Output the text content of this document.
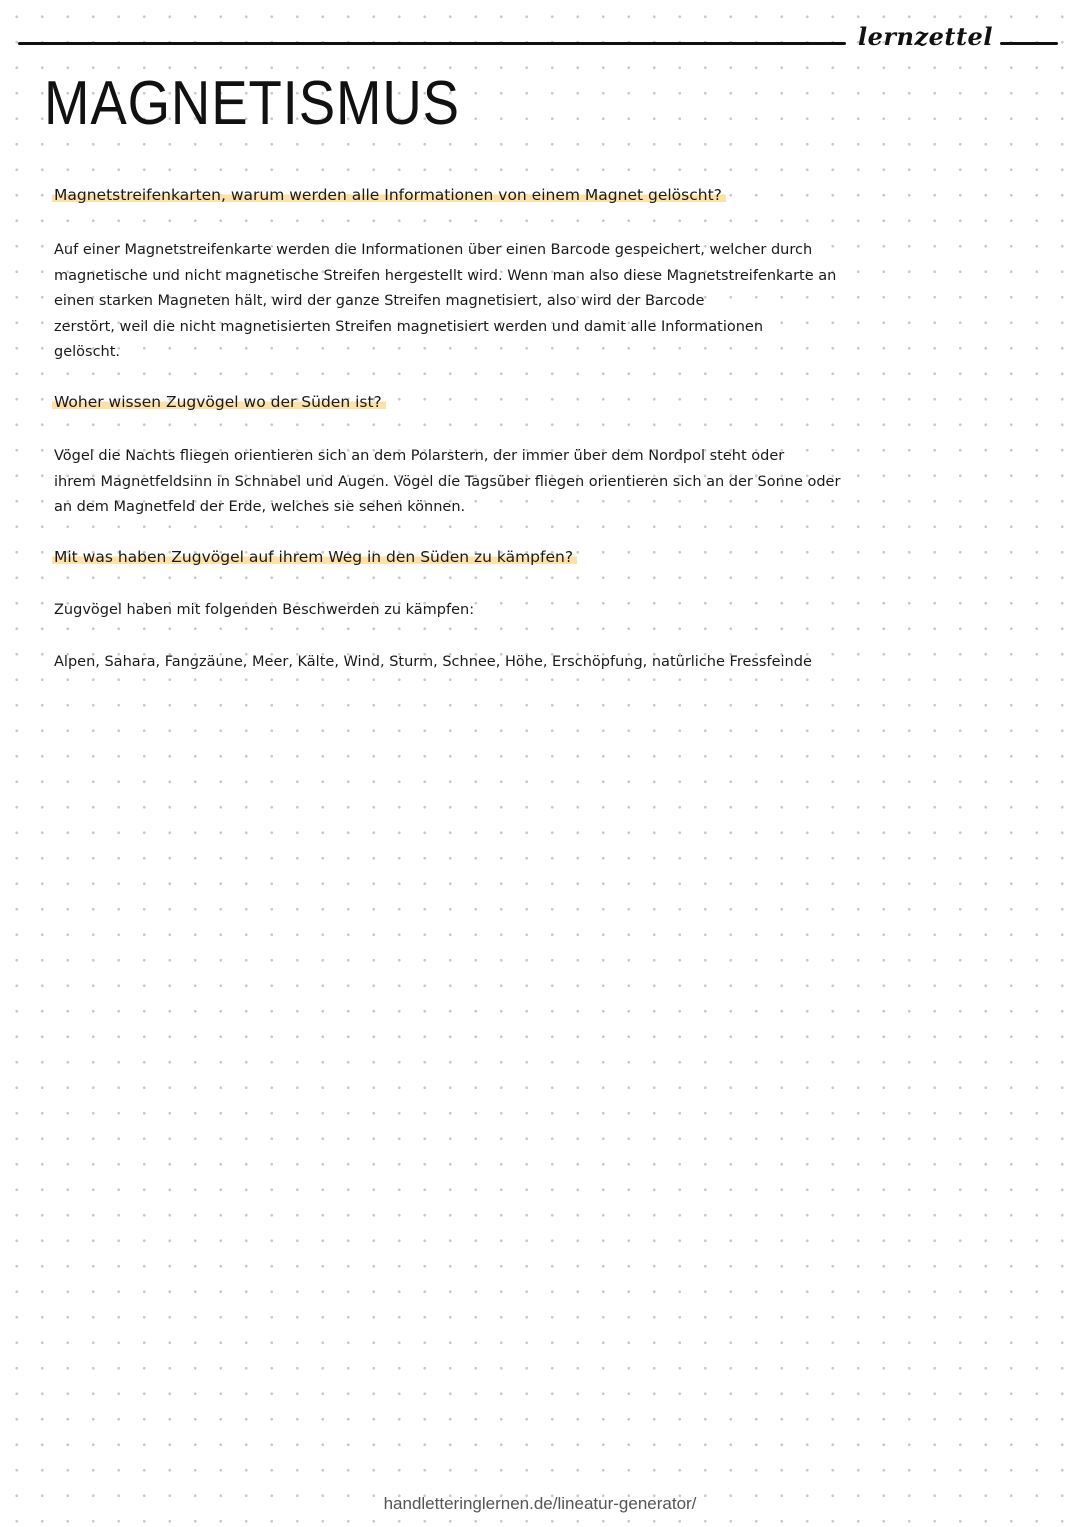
lernzettel
MAGNETISMUS
Magnetstreifenkarten, warum werden alle Informationen von einem Magnet gelöscht?
Auf einer Magnetstreifenkarte werden die Informationen über einen Barcode gespeichert, welcher durch
magnetische und nicht magnetische Streifen hergestellt wird. Wenn man also diese Magnetstreifenkarte an
einen starken Magneten hält, wird der ganze Streifen magnetisiert, also wird der Barcode
zerstört, weil die nicht magnetisierten Streifen magnetisiert werden und damit alle Informationen
gelöscht.
Woher wissen Zugvögel wo der Süden ist?
Vögel die Nachts fliegen orientieren sich an dem Polarstern, der immer über dem Nordpol steht oder
ihrem Magnetfeldsinn in Schnabel und Augen. Vögel die Tagsüber fliegen orientieren sich an der Sonne oder
an dem Magnetfeld der Erde, welches sie sehen können.
Mit was haben Zugvögel auf ihrem Weg in den Süden zu kämpfen?
Zugvögel haben mit folgenden Beschwerden zu kämpfen:
Alpen, Sahara, Fangzäune, Meer, Kälte, Wind, Sturm, Schnee, Höhe, Erschöpfung, natürliche Fressfeinde
handletteringlernen.de/lineatur-generator/
